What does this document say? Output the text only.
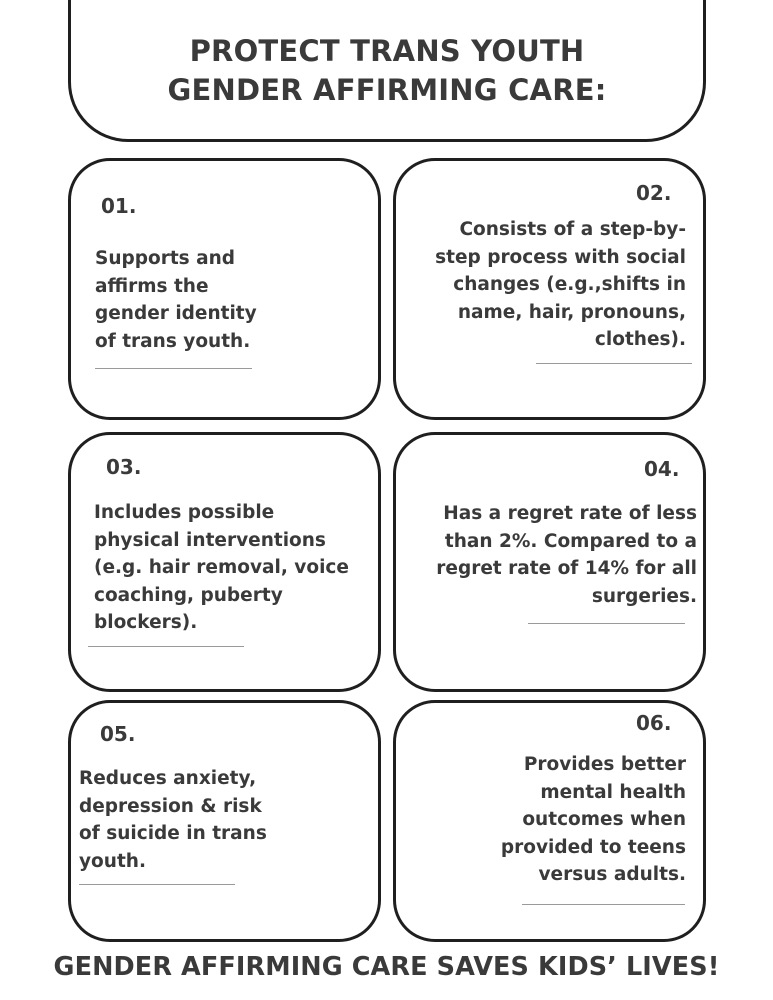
PROTECT TRANS YOUTH
GENDER AFFIRMING CARE:
01.
Supports and affirms the gender identity of trans youth.
02.
Consists of a step-by-step process with social changes (e.g.,shifts in name, hair, pronouns, clothes).
03.
Includes possible physical interventions (e.g. hair removal, voice coaching, puberty blockers).
04.
Has a regret rate of less than 2%. Compared to a regret rate of 14% for all surgeries.
05.
Reduces anxiety, depression & risk of suicide in trans youth.
06.
Provides better mental health outcomes when provided to teens versus adults.
GENDER AFFIRMING CARE SAVES KIDS’ LIVES!
